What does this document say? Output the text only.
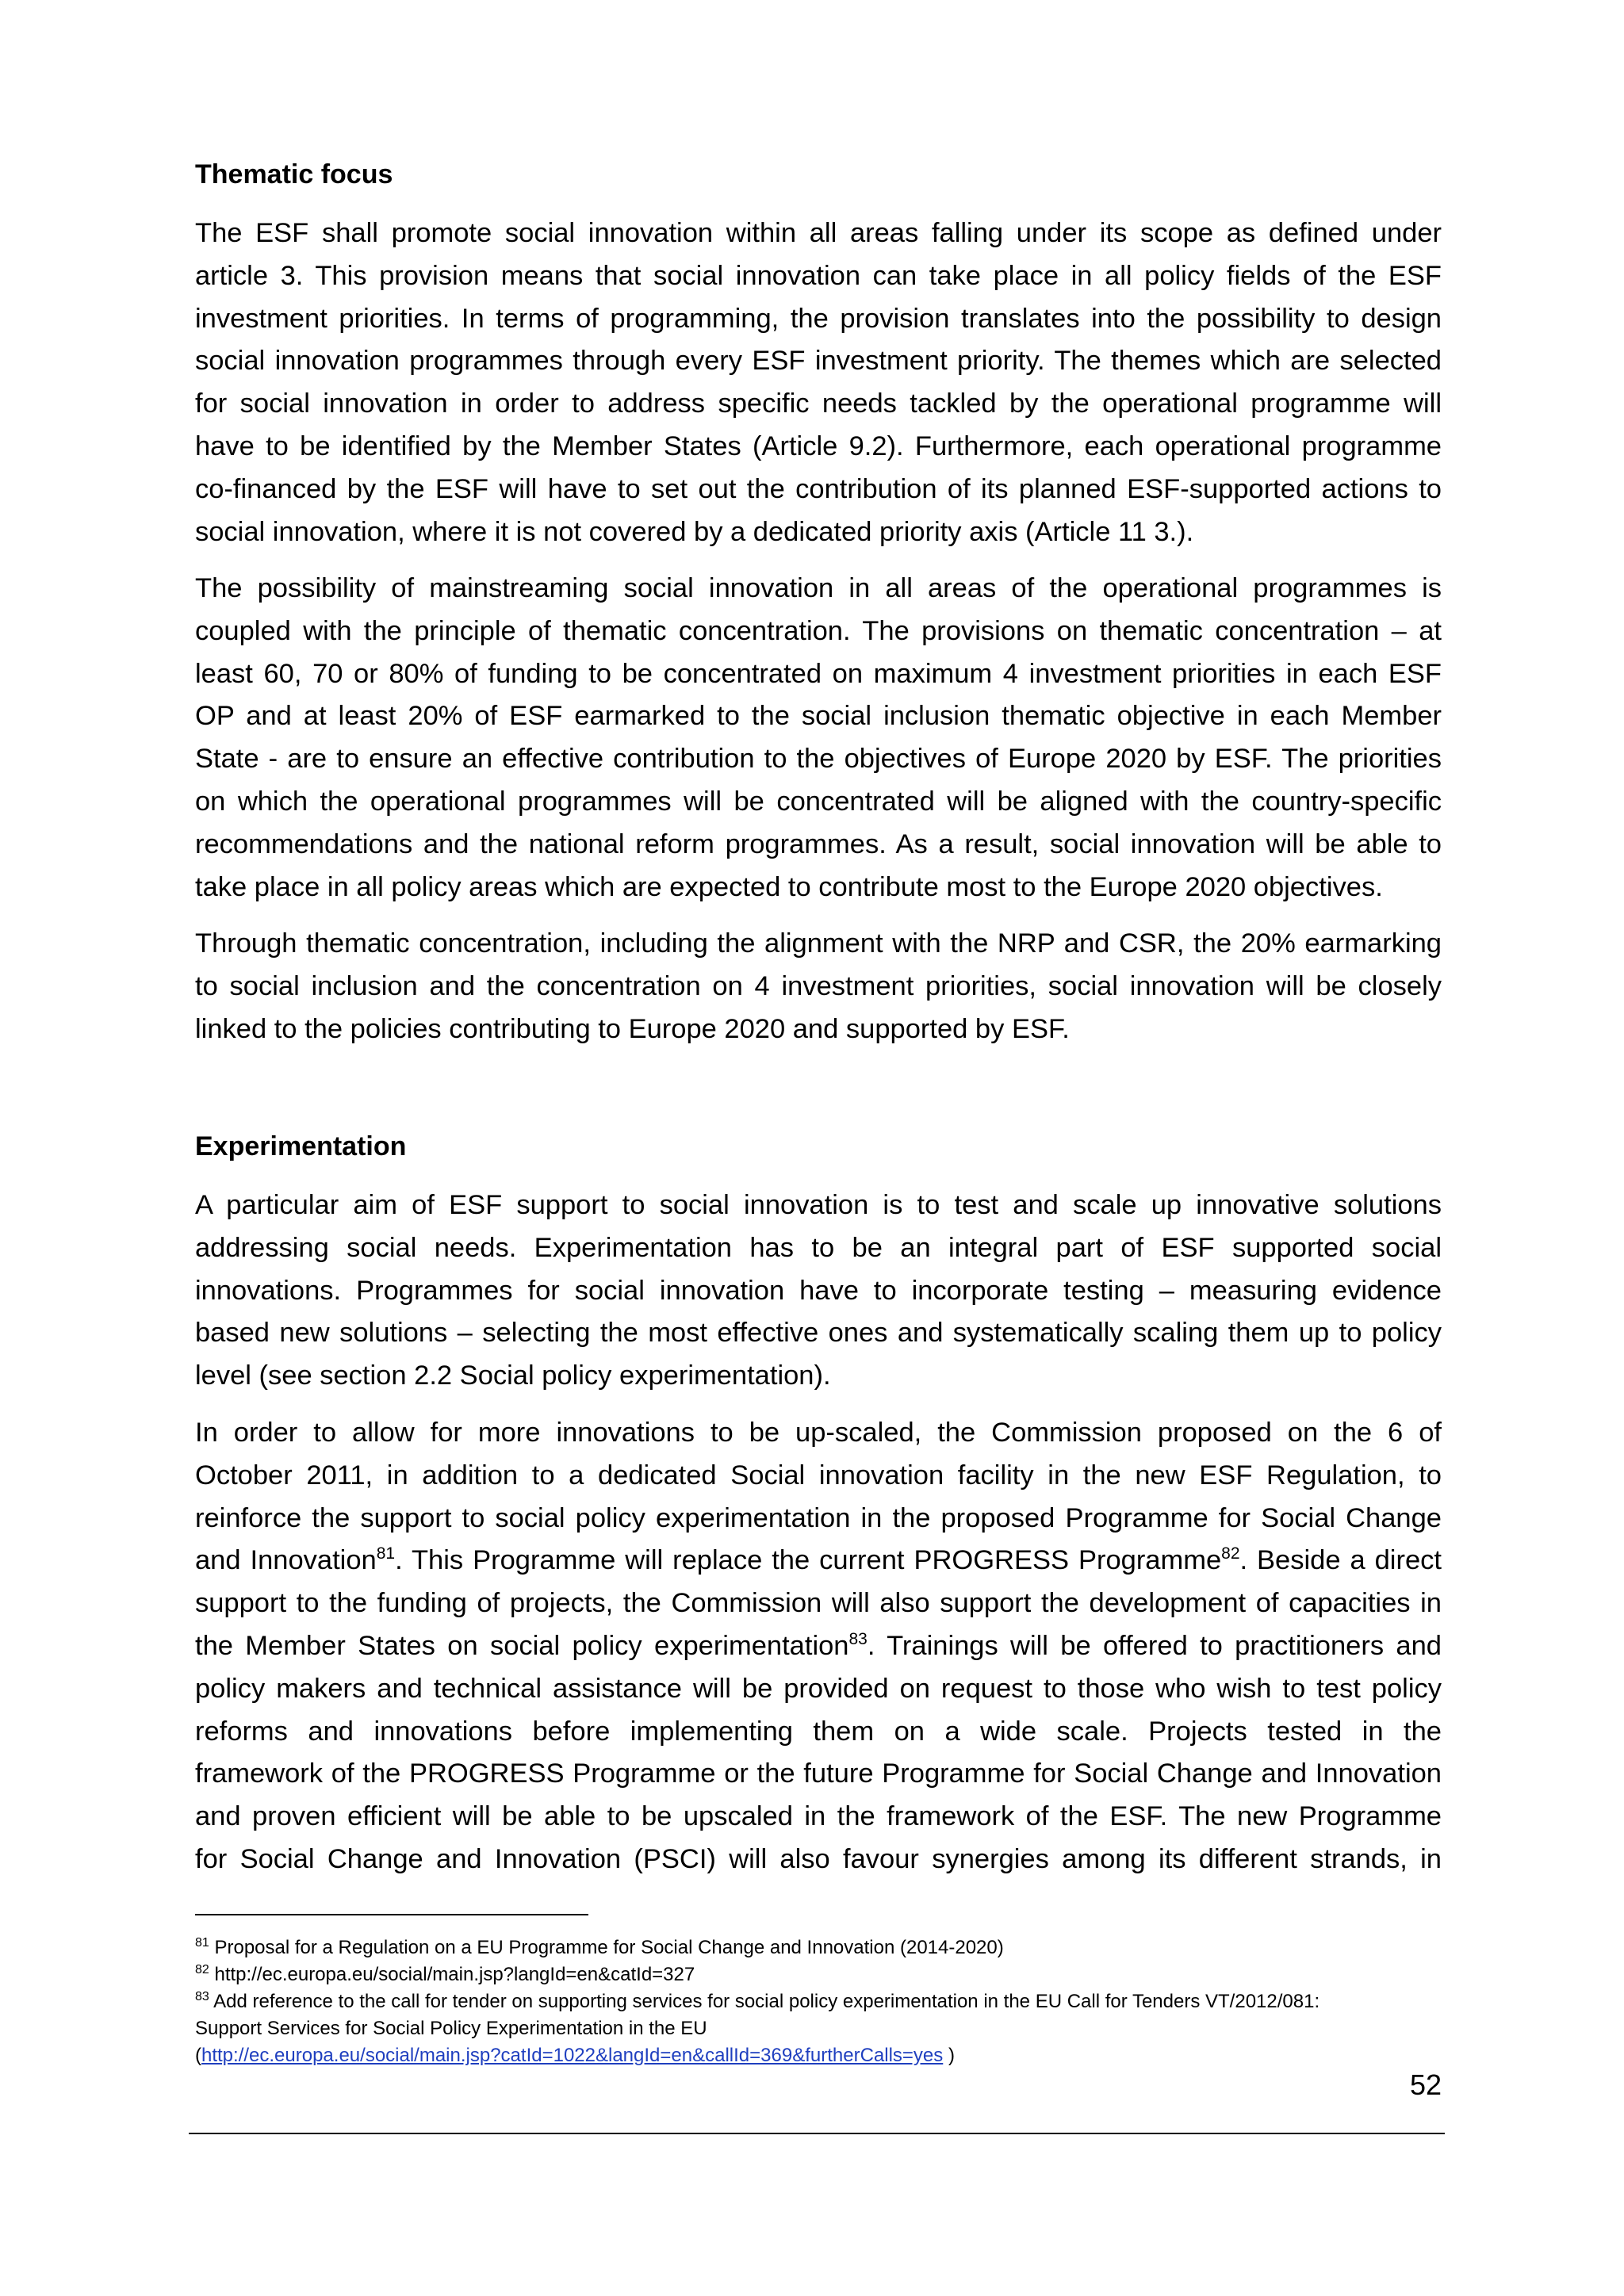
Thematic focus

The ESF shall promote social innovation within all areas falling under its scope as defined under
article 3. This provision means that social innovation can take place in all policy fields of the ESF
investment priorities. In terms of programming, the provision translates into the possibility to design
social innovation programmes through every ESF investment priority. The themes which are selected
for social innovation in order to address specific needs tackled by the operational programme will
have to be identified by the Member States (Article 9.2). Furthermore, each operational programme
co-financed by the ESF will have to set out the contribution of its planned ESF-supported actions to
social innovation, where it is not covered by a dedicated priority axis (Article 11 3.).

The possibility of mainstreaming social innovation in all areas of the operational programmes is
coupled with the principle of thematic concentration. The provisions on thematic concentration – at
least 60, 70 or 80% of funding to be concentrated on maximum 4 investment priorities in each ESF
OP and at least 20% of ESF earmarked to the social inclusion thematic objective in each Member
State - are to ensure an effective contribution to the objectives of Europe 2020 by ESF. The priorities
on which the operational programmes will be concentrated will be aligned with the country-specific
recommendations and the national reform programmes. As a result, social innovation will be able to
take place in all policy areas which are expected to contribute most to the Europe 2020 objectives.

Through thematic concentration, including the alignment with the NRP and CSR, the 20% earmarking
to social inclusion and the concentration on 4 investment priorities, social innovation will be closely
linked to the policies contributing to Europe 2020 and supported by ESF.

Experimentation

A particular aim of ESF support to social innovation is to test and scale up innovative solutions
addressing social needs. Experimentation has to be an integral part of ESF supported social
innovations. Programmes for social innovation have to incorporate testing – measuring evidence
based new solutions – selecting the most effective ones and systematically scaling them up to policy
level (see section 2.2 Social policy experimentation).

In order to allow for more innovations to be up-scaled, the Commission proposed on the 6 of
October 2011, in addition to a dedicated Social innovation facility in the new ESF Regulation, to
reinforce the support to social policy experimentation in the proposed Programme for Social Change
and Innovation$^{81}$. This Programme will replace the current PROGRESS Programme$^{82}$. Beside a direct
support to the funding of projects, the Commission will also support the development of capacities in
the Member States on social policy experimentation$^{83}$. Trainings will be offered to practitioners and
policy makers and technical assistance will be provided on request to those who wish to test policy
reforms and innovations before implementing them on a wide scale. Projects tested in the
framework of the PROGRESS Programme or the future Programme for Social Change and Innovation
and proven efficient will be able to be upscaled in the framework of the ESF. The new Programme
for Social Change and Innovation (PSCI) will also favour synergies among its different strands, in

$^{81}$ Proposal for a Regulation on a EU Programme for Social Change and Innovation (2014-2020)
$^{82}$ http://ec.europa.eu/social/main.jsp?langId=en&catId=327
$^{83}$ Add reference to the call for tender on supporting services for social policy experimentation in the EU Call for Tenders VT/2012/081:
Support Services for Social Policy Experimentation in the EU
(http://ec.europa.eu/social/main.jsp?catId=1022&langId=en&callId=369&furtherCalls=yes )
52
